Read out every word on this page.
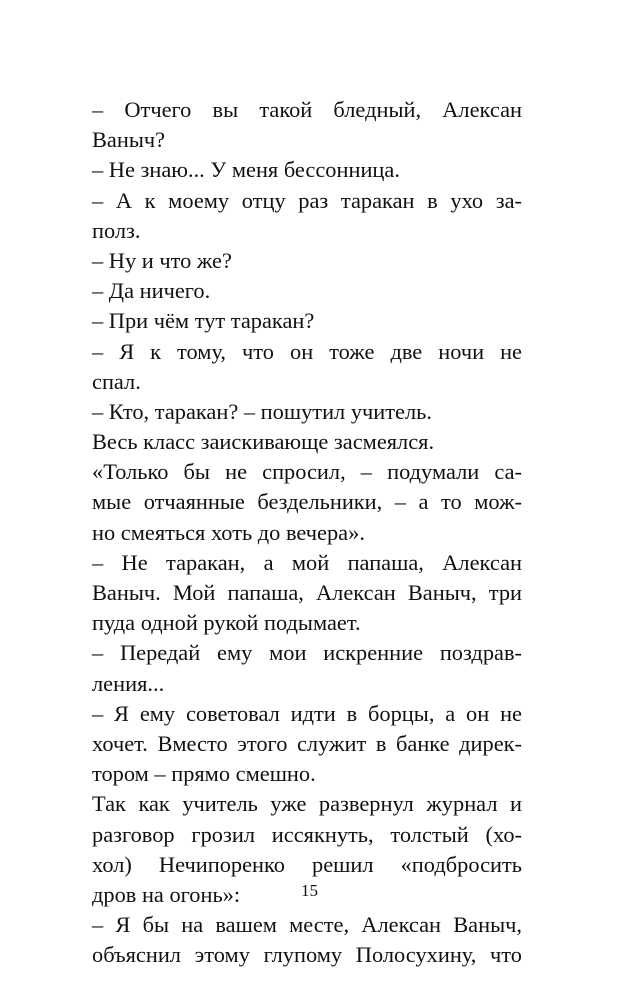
– Отчего вы такой бледный, Алексан
Ваныч?
– Не знаю... У меня бессонница.
– А к моему отцу раз таракан в ухо за-
полз.
– Ну и что же?
– Да ничего.
– При чём тут таракан?
– Я к тому, что он тоже две ночи не
спал.
– Кто, таракан? – пошутил учитель.
Весь класс заискивающе засмеялся.
«Только бы не спросил, – подумали са-
мые отчаянные бездельники, – а то мож-
но смеяться хоть до вечера».
– Не таракан, а мой папаша, Алексан
Ваныч. Мой папаша, Алексан Ваныч, три
пуда одной рукой подымает.
– Передай ему мои искренние поздрав-
ления...
– Я ему советовал идти в борцы, а он не
хочет. Вместо этого служит в банке дирек-
тором – прямо смешно.
Так как учитель уже развернул журнал и
разговор грозил иссякнуть, толстый (хо-
хол) Нечипоренко решил «подбросить
дров на огонь»:
– Я бы на вашем месте, Алексан Ваныч,
объяснил этому глупому Полосухину, что
15
